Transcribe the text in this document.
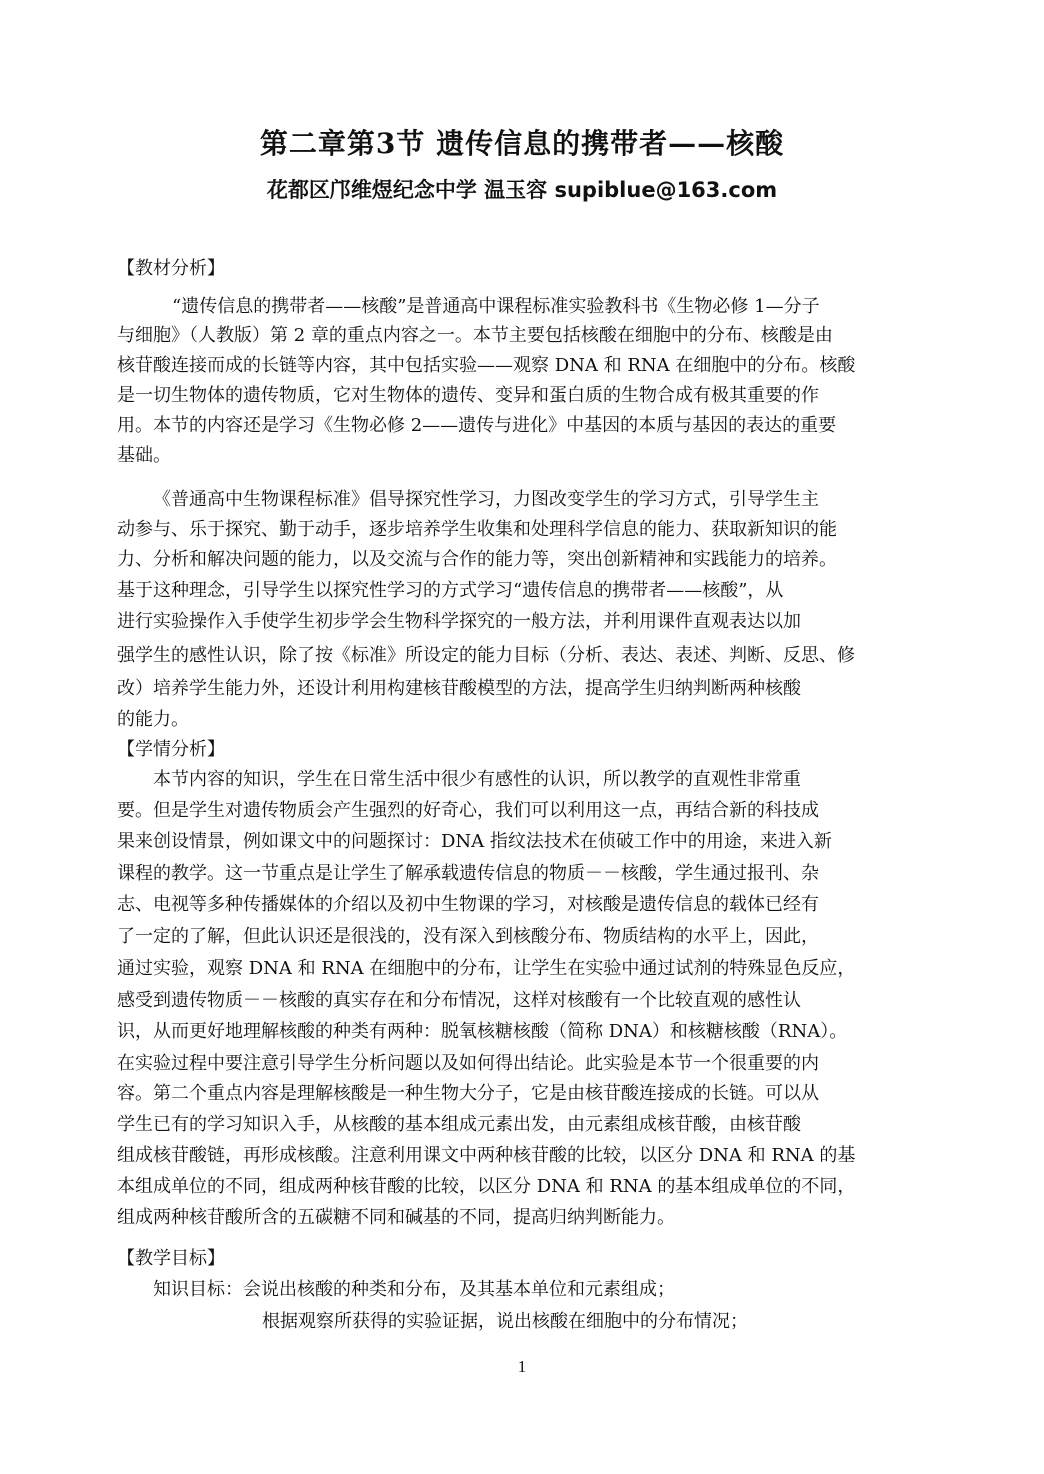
第二章第3节 遗传信息的携带者——核酸
花都区邝维煜纪念中学 温玉容 supiblue@163.com
【教材分析】
“遗传信息的携带者——核酸”是普通高中课程标准实验教科书《生物必修 1—分子
与细胞》（人教版）第 2 章的重点内容之一。本节主要包括核酸在细胞中的分布、核酸是由
核苷酸连接而成的长链等内容，其中包括实验——观察 DNA 和 RNA 在细胞中的分布。核酸
是一切生物体的遗传物质，它对生物体的遗传、变异和蛋白质的生物合成有极其重要的作
用。本节的内容还是学习《生物必修 2——遗传与进化》中基因的本质与基因的表达的重要
基础。
《普通高中生物课程标准》倡导探究性学习，力图改变学生的学习方式，引导学生主
动参与、乐于探究、勤于动手，逐步培养学生收集和处理科学信息的能力、获取新知识的能
力、分析和解决问题的能力，以及交流与合作的能力等，突出创新精神和实践能力的培养。
基于这种理念，引导学生以探究性学习的方式学习“遗传信息的携带者——核酸”，从
进行实验操作入手使学生初步学会生物科学探究的一般方法，并利用课件直观表达以加
强学生的感性认识，除了按《标准》所设定的能力目标（分析、表达、表述、判断、反思、修
改）培养学生能力外，还设计利用构建核苷酸模型的方法，提高学生归纳判断两种核酸
的能力。
【学情分析】
本节内容的知识，学生在日常生活中很少有感性的认识，所以教学的直观性非常重
要。但是学生对遗传物质会产生强烈的好奇心，我们可以利用这一点，再结合新的科技成
果来创设情景，例如课文中的问题探讨：DNA 指纹法技术在侦破工作中的用途，来进入新
课程的教学。这一节重点是让学生了解承载遗传信息的物质－－核酸，学生通过报刊、杂
志、电视等多种传播媒体的介绍以及初中生物课的学习，对核酸是遗传信息的载体已经有
了一定的了解，但此认识还是很浅的，没有深入到核酸分布、物质结构的水平上，因此，
通过实验，观察 DNA 和 RNA 在细胞中的分布，让学生在实验中通过试剂的特殊显色反应，
感受到遗传物质－－核酸的真实存在和分布情况，这样对核酸有一个比较直观的感性认
识，从而更好地理解核酸的种类有两种：脱氧核糖核酸（简称 DNA）和核糖核酸（RNA）。
在实验过程中要注意引导学生分析问题以及如何得出结论。此实验是本节一个很重要的内
容。第二个重点内容是理解核酸是一种生物大分子，它是由核苷酸连接成的长链。可以从
学生已有的学习知识入手，从核酸的基本组成元素出发，由元素组成核苷酸，由核苷酸
组成核苷酸链，再形成核酸。注意利用课文中两种核苷酸的比较，以区分 DNA 和 RNA 的基
本组成单位的不同，组成两种核苷酸的比较，以区分 DNA 和 RNA 的基本组成单位的不同，
组成两种核苷酸所含的五碳糖不同和碱基的不同，提高归纳判断能力。
【教学目标】
知识目标：会说出核酸的种类和分布，及其基本单位和元素组成；
根据观察所获得的实验证据，说出核酸在细胞中的分布情况；
1
